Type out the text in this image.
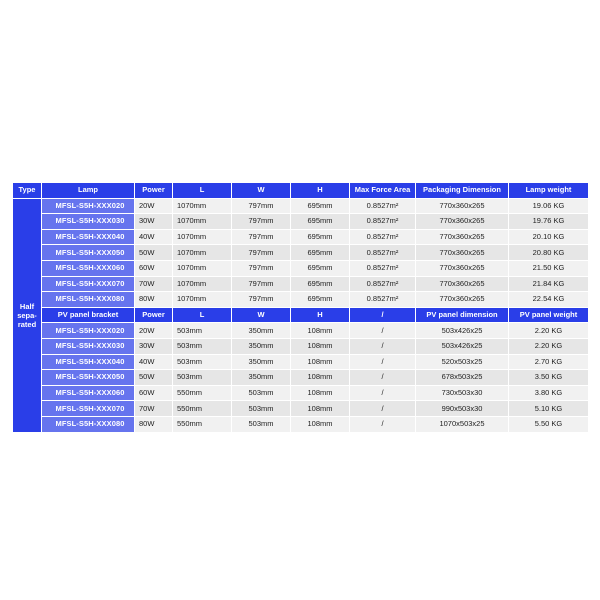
Type	Lamp	Power	L	W	H	Max Force Area	Packaging Dimension	Lamp weight

Half
sepa-
rated	MFSL-S5H-XXX020	20W	1070mm	797mm	695mm	0.8527m²	770x360x265	19.06 KG
	MFSL-S5H-XXX030	30W	1070mm	797mm	695mm	0.8527m²	770x360x265	19.76 KG
	MFSL-S5H-XXX040	40W	1070mm	797mm	695mm	0.8527m²	770x360x265	20.10 KG
	MFSL-S5H-XXX050	50W	1070mm	797mm	695mm	0.8527m²	770x360x265	20.80 KG
	MFSL-S5H-XXX060	60W	1070mm	797mm	695mm	0.8527m²	770x360x265	21.50 KG
	MFSL-S5H-XXX070	70W	1070mm	797mm	695mm	0.8527m²	770x360x265	21.84 KG
	MFSL-S5H-XXX080	80W	1070mm	797mm	695mm	0.8527m²	770x360x265	22.54 KG
	PV panel bracket	Power	L	W	H	/	PV panel dimension	PV panel weight
	MFSL-S5H-XXX020	20W	503mm	350mm	108mm	/	503x426x25	2.20 KG
	MFSL-S5H-XXX030	30W	503mm	350mm	108mm	/	503x426x25	2.20 KG
	MFSL-S5H-XXX040	40W	503mm	350mm	108mm	/	520x503x25	2.70 KG
	MFSL-S5H-XXX050	50W	503mm	350mm	108mm	/	678x503x25	3.50 KG
	MFSL-S5H-XXX060	60W	550mm	503mm	108mm	/	730x503x30	3.80 KG
	MFSL-S5H-XXX070	70W	550mm	503mm	108mm	/	990x503x30	5.10 KG
	MFSL-S5H-XXX080	80W	550mm	503mm	108mm	/	1070x503x25	5.50 KG
